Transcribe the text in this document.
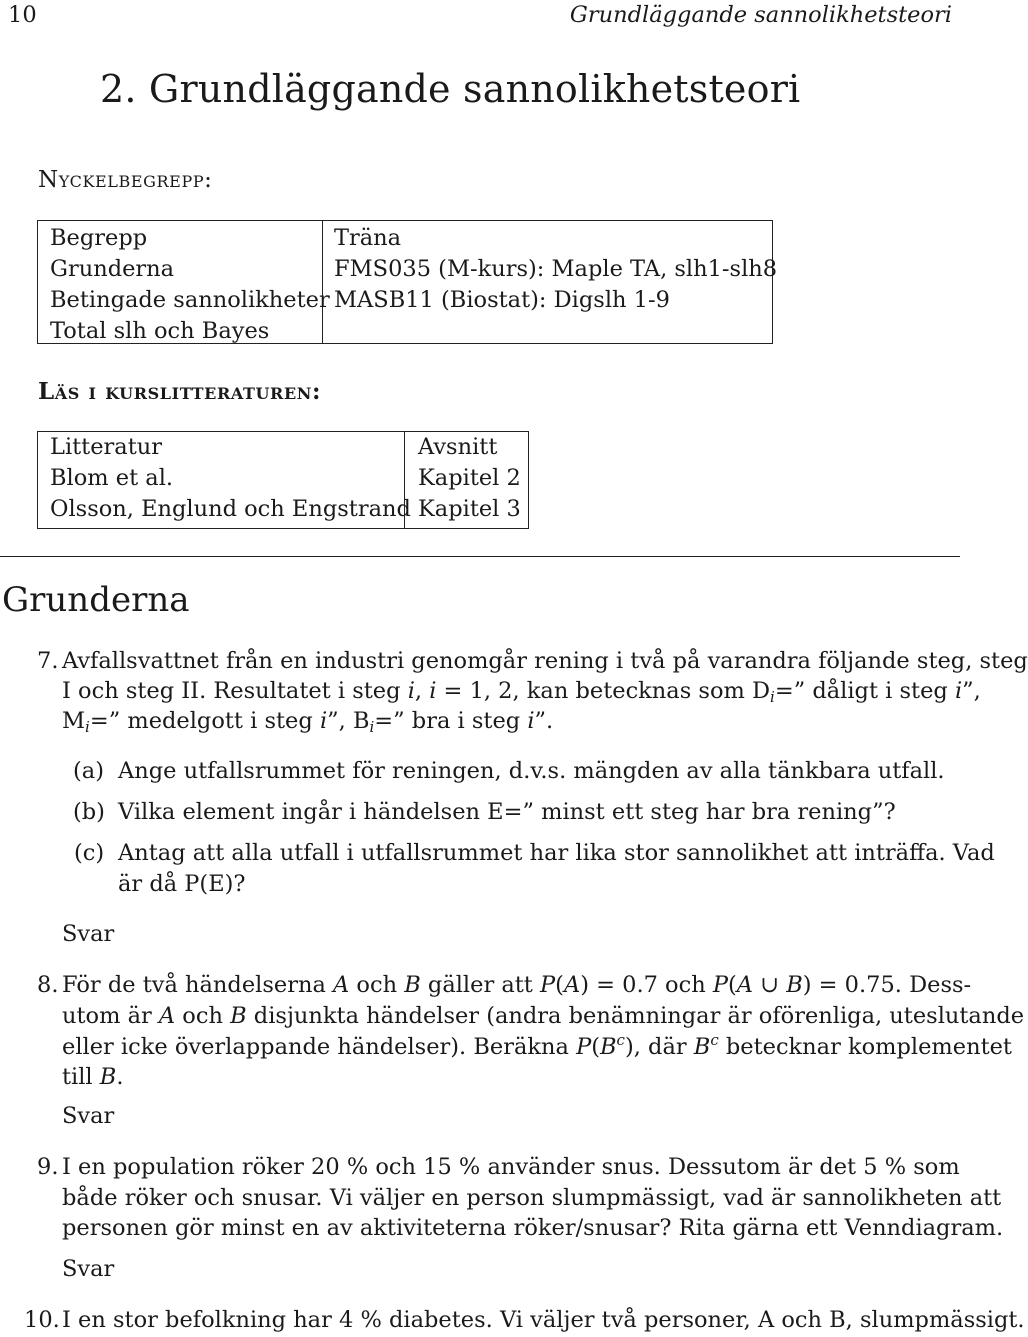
10	Grundläggande sannolikhetsteori
2. Grundläggande sannolikhetsteori
Nyckelbegrepp:
Begrepp
Grunderna
Betingade sannolikheter
Total slh och Bayes
Träna
FMS035 (M-kurs): Maple TA, slh1-slh8
MASB11 (Biostat): Digslh 1-9
Läs i kurslitteraturen:
Litteratur
Blom et al.
Olsson, Englund och Engstrand
Avsnitt
Kapitel 2
Kapitel 3
Grunderna
7. Avfallsvattnet från en industri genomgår rening i två på varandra följande steg, steg
I och steg II. Resultatet i steg i, i = 1, 2, kan betecknas som $D_i=$” dåligt i steg i”,
$M_i=$” medelgott i steg i”, $B_i=$” bra i steg i”.
(a) Ange utfallsrummet för reningen, d.v.s. mängden av alla tänkbara utfall.
(b) Vilka element ingår i händelsen E=” minst ett steg har bra rening”?
(c) Antag att alla utfall i utfallsrummet har lika stor sannolikhet att inträffa. Vad
är då P(E)?
Svar
8. För de två händelserna A och B gäller att P(A) = 0.7 och P(A ∪ B) = 0.75. Dess-
utom är A och B disjunkta händelser (andra benämningar är oförenliga, uteslutande
eller icke överlappande händelser). Beräkna $P(B^c)$, där $B^c$ betecknar komplementet
till B.
Svar
9. I en population röker 20 % och 15 % använder snus. Dessutom är det 5 % som
både röker och snusar. Vi väljer en person slumpmässigt, vad är sannolikheten att
personen gör minst en av aktiviteterna röker/snusar? Rita gärna ett Venndiagram.
Svar
10. I en stor befolkning har 4 % diabetes. Vi väljer två personer, A och B, slumpmässigt.
